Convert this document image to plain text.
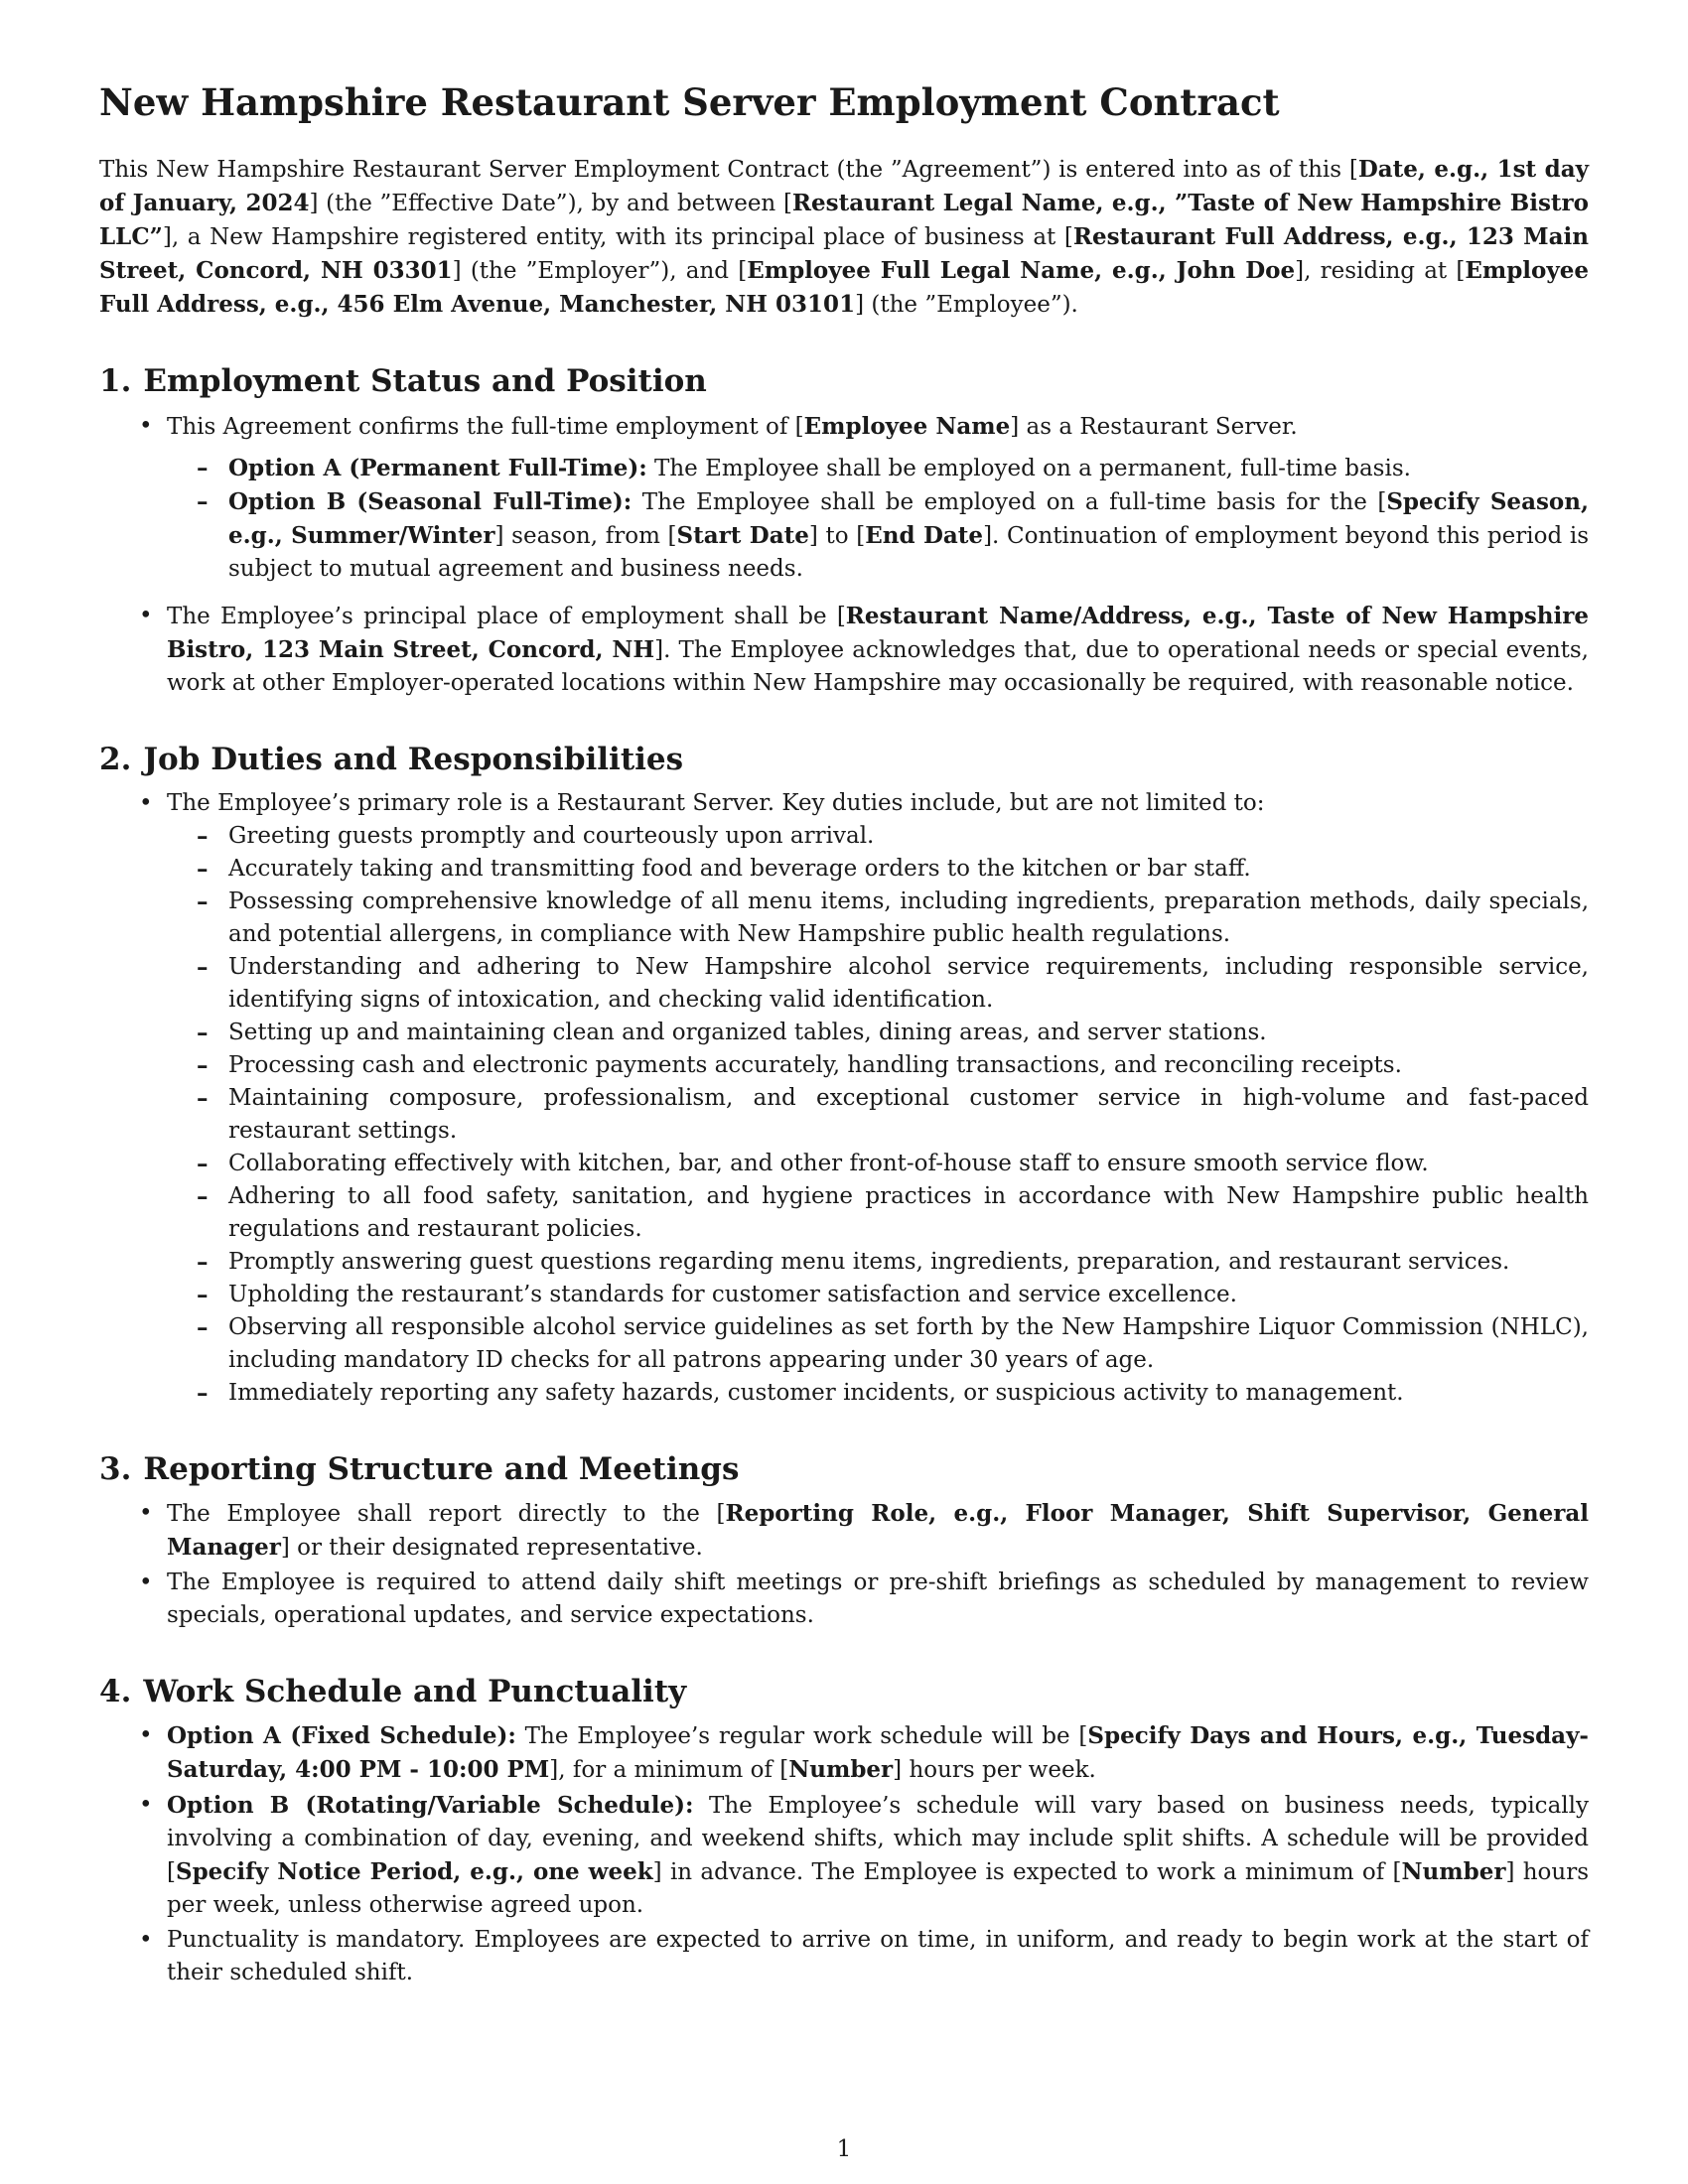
New Hampshire Restaurant Server Employment Contract

This New Hampshire Restaurant Server Employment Contract (the ”Agreement”) is entered into as of this [Date, e.g., 1st day of January, 2024] (the ”Effective Date”), by and between [Restaurant Legal Name, e.g., ”Taste of New Hampshire Bistro LLC”], a New Hampshire registered entity, with its principal place of business at [Restaurant Full Address, e.g., 123 Main Street, Concord, NH 03301] (the ”Employer”), and [Employee Full Legal Name, e.g., John Doe], residing at [Employee Full Address, e.g., 456 Elm Avenue, Manchester, NH 03101] (the ”Employee”).

1. Employment Status and Position
• This Agreement confirms the full-time employment of [Employee Name] as a Restaurant Server.
– Option A (Permanent Full-Time): The Employee shall be employed on a permanent, full-time basis.
– Option B (Seasonal Full-Time): The Employee shall be employed on a full-time basis for the [Specify Season, e.g., Summer/Winter] season, from [Start Date] to [End Date]. Continuation of employment beyond this period is subject to mutual agreement and business needs.
• The Employee’s principal place of employment shall be [Restaurant Name/Address, e.g., Taste of New Hampshire Bistro, 123 Main Street, Concord, NH]. The Employee acknowledges that, due to operational needs or special events, work at other Employer-operated locations within New Hampshire may occasionally be required, with reasonable notice.
2. Job Duties and Responsibilities
• The Employee’s primary role is a Restaurant Server. Key duties include, but are not limited to:
– Greeting guests promptly and courteously upon arrival.
– Accurately taking and transmitting food and beverage orders to the kitchen or bar staff.
– Possessing comprehensive knowledge of all menu items, including ingredients, preparation methods, daily specials, and potential allergens, in compliance with New Hampshire public health regulations.
– Understanding and adhering to New Hampshire alcohol service requirements, including responsible service, identifying signs of intoxication, and checking valid identification.
– Setting up and maintaining clean and organized tables, dining areas, and server stations.
– Processing cash and electronic payments accurately, handling transactions, and reconciling receipts.
– Maintaining composure, professionalism, and exceptional customer service in high-volume and fast-paced restaurant settings.
– Collaborating effectively with kitchen, bar, and other front-of-house staff to ensure smooth service flow.
– Adhering to all food safety, sanitation, and hygiene practices in accordance with New Hampshire public health regulations and restaurant policies.
– Promptly answering guest questions regarding menu items, ingredients, preparation, and restaurant services.
– Upholding the restaurant’s standards for customer satisfaction and service excellence.
– Observing all responsible alcohol service guidelines as set forth by the New Hampshire Liquor Commission (NHLC), including mandatory ID checks for all patrons appearing under 30 years of age.
– Immediately reporting any safety hazards, customer incidents, or suspicious activity to management.
3. Reporting Structure and Meetings
• The Employee shall report directly to the [Reporting Role, e.g., Floor Manager, Shift Supervisor, General Manager] or their designated representative.
• The Employee is required to attend daily shift meetings or pre-shift briefings as scheduled by management to review specials, operational updates, and service expectations.
4. Work Schedule and Punctuality
• Option A (Fixed Schedule): The Employee’s regular work schedule will be [Specify Days and Hours, e.g., Tuesday-Saturday, 4:00 PM - 10:00 PM], for a minimum of [Number] hours per week.
• Option B (Rotating/Variable Schedule): The Employee’s schedule will vary based on business needs, typically involving a combination of day, evening, and weekend shifts, which may include split shifts. A schedule will be provided [Specify Notice Period, e.g., one week] in advance. The Employee is expected to work a minimum of [Number] hours per week, unless otherwise agreed upon.
• Punctuality is mandatory. Employees are expected to arrive on time, in uniform, and ready to begin work at the start of their scheduled shift.
1
